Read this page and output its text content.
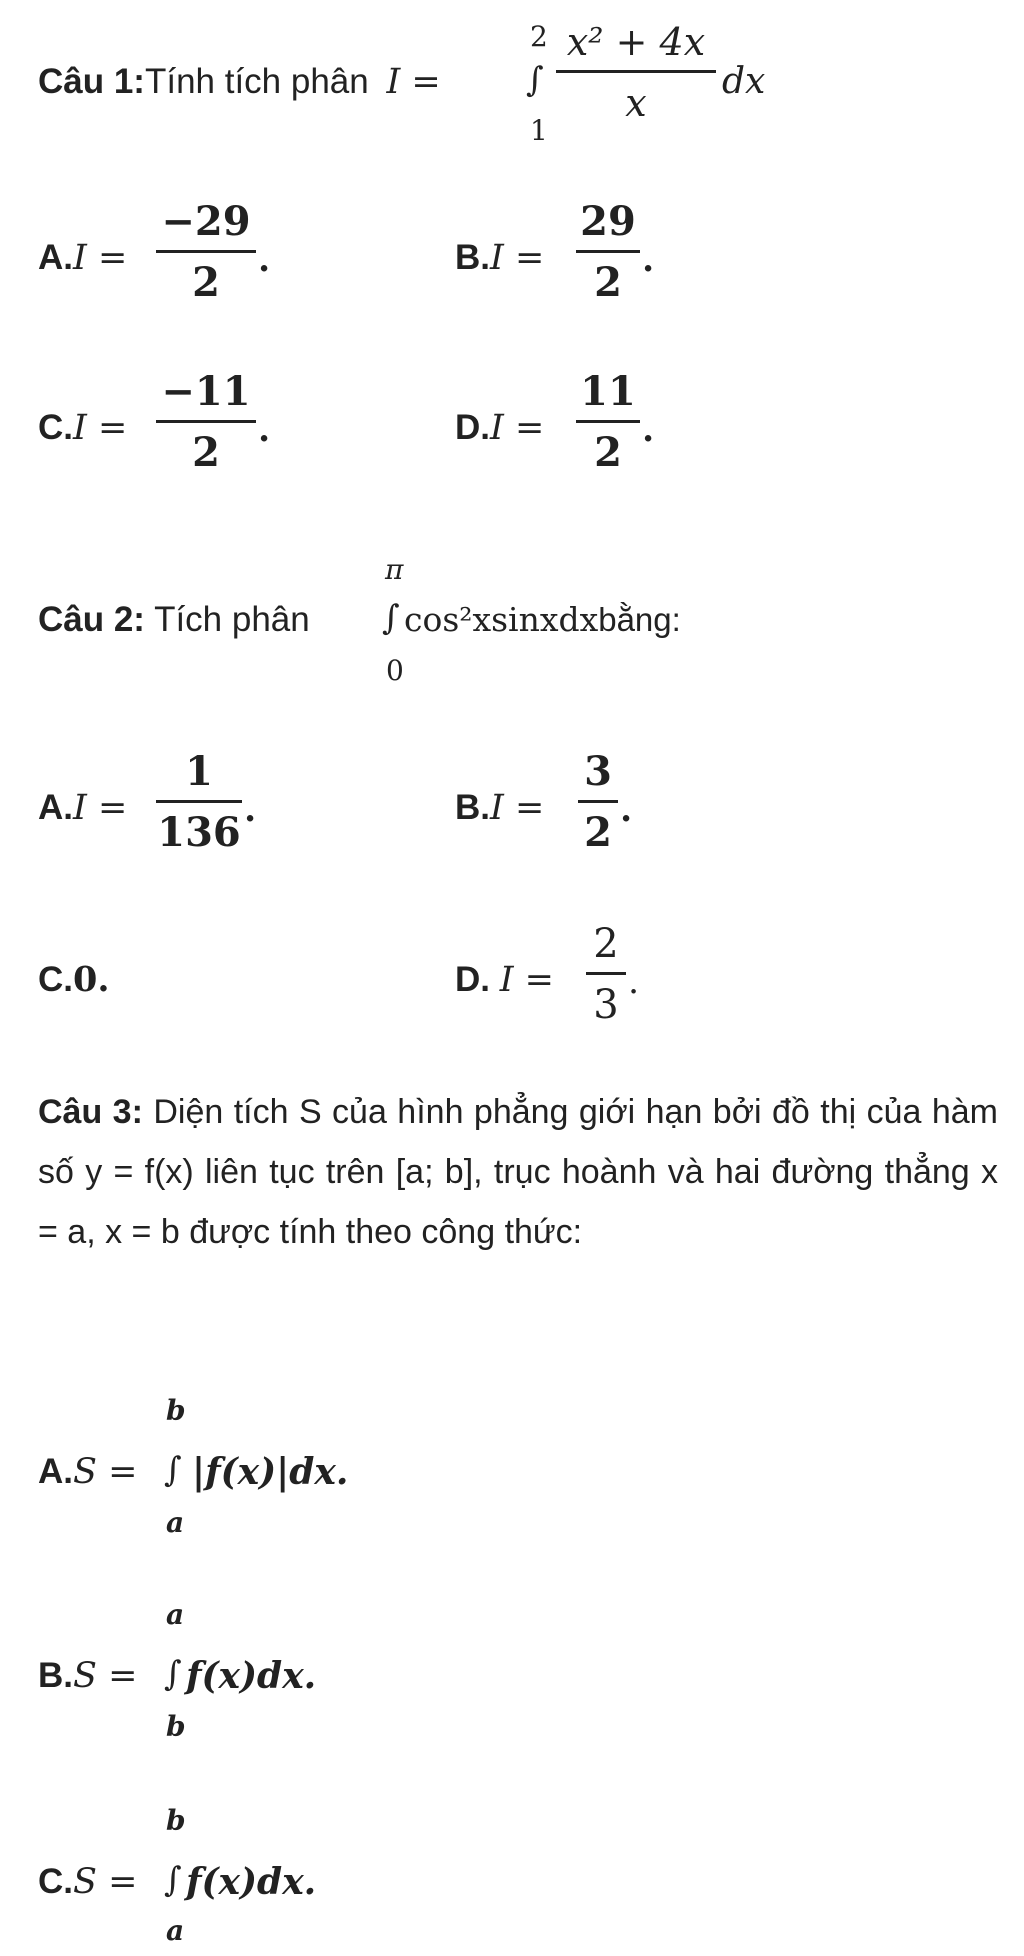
Câu 1:Tính tích phân I =
2
∫
1
x² + 4x
x	dx
A.I =
−29
2	.	B.I =
29
2 .
C.I =
−11
2	.	D.I =
11
2 .
Câu 2: Tích phân
π
∫
0
cos²xsinxdxbằng:
A.I =
1
136 .	B.I =
3
2 .
C.0.	D. I =
2
3 .
Câu 3: Diện tích S của hình phẳng giới hạn bởi đồ thị của hàm số y = f(x) liên tục trên [a; b], trục hoành và hai đường thẳng x = a, x = b được tính theo công thức:
A.S =
b
∫
a
|f(x)|dx.
B.S =
a
∫
b
f(x)dx.
C.S =
b
∫
a
f(x)dx.
